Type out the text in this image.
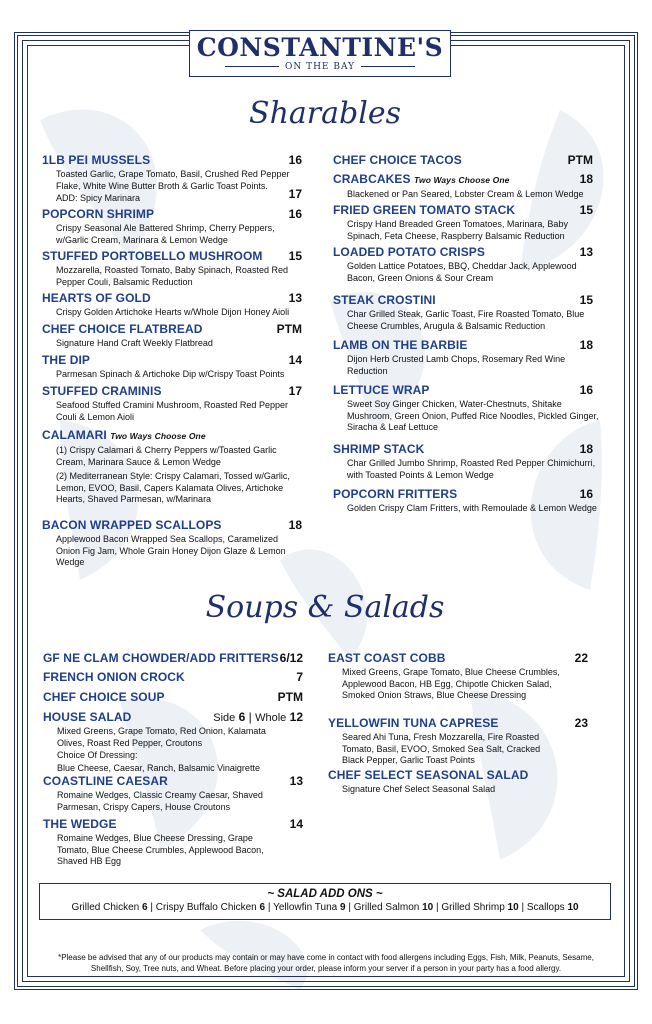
CONSTANTINE'S
ON THE BAY
Sharables
1LB PEI MUSSELS
Toasted Garlic, Grape Tomato, Basil, Crushed Red Pepper Flake, White Wine Butter Broth & Garlic Toast Points.
ADD: Spicy Marinara
16
17
POPCORN SHRIMP
Crispy Seasonal Ale Battered Shrimp, Cherry Peppers, w/Garlic Cream, Marinara & Lemon Wedge
16
STUFFED PORTOBELLO MUSHROOM
Mozzarella, Roasted Tomato, Baby Spinach, Roasted Red Pepper Couli, Balsamic Reduction
15
HEARTS OF GOLD
Crispy Golden Artichoke Hearts w/Whole Dijon Honey Aioli
13
CHEF CHOICE FLATBREAD
Signature Hand Craft Weekly Flatbread
PTM
THE DIP
Parmesan Spinach & Artichoke Dip w/Crispy Toast Points
14
STUFFED CRAMINIS
Seafood Stuffed Cramini Mushroom, Roasted Red Pepper Couli & Lemon Aioli
17
CALAMARI Two Ways Choose One
(1) Crispy Calamari & Cherry Peppers w/Toasted Garlic Cream, Marinara Sauce & Lemon Wedge
(2) Mediterranean Style: Crispy Calamari, Tossed w/Garlic, Lemon, EVOO, Basil, Capers Kalamata Olives, Artichoke Hearts, Shaved Parmesan, w/Marinara
BACON WRAPPED SCALLOPS
Applewood Bacon Wrapped Sea Scallops, Caramelized Onion Fig Jam, Whole Grain Honey Dijon Glaze & Lemon Wedge
18
CHEF CHOICE TACOS	PTM
CRABCAKES Two Ways Choose One
Blackened or Pan Seared, Lobster Cream & Lemon Wedge
18
FRIED GREEN TOMATO STACK
Crispy Hand Breaded Green Tomatoes, Marinara, Baby Spinach, Feta Cheese, Raspberry Balsamic Reduction
15
LOADED POTATO CRISPS
Golden Lattice Potatoes, BBQ, Cheddar Jack, Applewood Bacon, Green Onions & Sour Cream
13
STEAK CROSTINI
Char Grilled Steak, Garlic Toast, Fire Roasted Tomato, Blue Cheese Crumbles, Arugula & Balsamic Reduction
15
LAMB ON THE BARBIE
Dijon Herb Crusted Lamb Chops, Rosemary Red Wine Reduction
18
LETTUCE WRAP
Sweet Soy Ginger Chicken, Water-Chestnuts, Shitake Mushroom, Green Onion, Puffed Rice Noodles, Pickled Ginger, Siracha & Leaf Lettuce
16
SHRIMP STACK
Char Grilled Jumbo Shrimp, Roasted Red Pepper Chimichurri, with Toasted Points & Lemon Wedge
18
POPCORN FRITTERS
Golden Crispy Clam Fritters, with Remoulade & Lemon Wedge
16
Soups & Salads
GF NE CLAM CHOWDER/ADD FRITTERS 6/12
FRENCH ONION CROCK	7
CHEF CHOICE SOUP	PTM
HOUSE SALAD
Mixed Greens, Grape Tomato, Red Onion, Kalamata Olives, Roast Red Pepper, Croutons
Choice Of Dressing:
Blue Cheese, Caesar, Ranch, Balsamic Vinaigrette
Side 6 | Whole 12
COASTLINE CAESAR
Romaine Wedges, Classic Creamy Caesar, Shaved Parmesan, Crispy Capers, House Croutons
13
THE WEDGE
Romaine Wedges, Blue Cheese Dressing, Grape Tomato, Blue Cheese Crumbles, Applewood Bacon, Shaved HB Egg
14
EAST COAST COBB
Mixed Greens, Grape Tomato, Blue Cheese Crumbles, Applewood Bacon, HB Egg, Chipotle Chicken Salad, Smoked Onion Straws, Blue Cheese Dressing
22
YELLOWFIN TUNA CAPRESE
Seared Ahi Tuna, Fresh Mozzarella, Fire Roasted Tomato, Basil, EVOO, Smoked Sea Salt, Cracked Black Pepper, Garlic Toast Points
23
CHEF SELECT SEASONAL SALAD
Signature Chef Select Seasonal Salad
~ SALAD ADD ONS ~
Grilled Chicken 6 | Crispy Buffalo Chicken 6 | Yellowfin Tuna 9 | Grilled Salmon 10 | Grilled Shrimp 10 | Scallops 10
*Please be advised that any of our products may contain or may have come in contact with food allergens including Eggs, Fish, Milk, Peanuts, Sesame, Shellfish, Soy, Tree nuts, and Wheat. Before placing your order, please inform your server if a person in your party has a food allergy.
